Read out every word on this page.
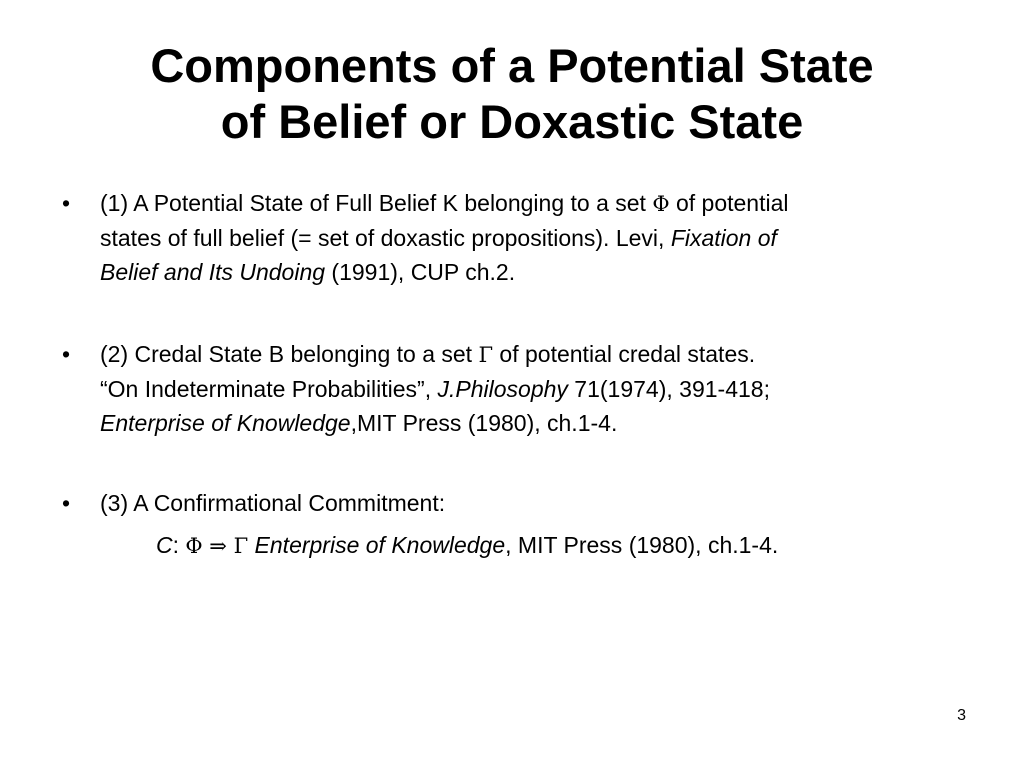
Components of a Potential State
of Belief or Doxastic State
• (1) A Potential State of Full Belief K belonging to a set Φ of potential
states of full belief (= set of doxastic propositions). Levi, Fixation of
Belief and Its Undoing (1991), CUP ch.2.
• (2) Credal State B belonging to a set Γ of potential credal states.
“On Indeterminate Probabilities”, J.Philosophy 71(1974), 391-418;
Enterprise of Knowledge,MIT Press (1980), ch.1-4.
• (3) A Confirmational Commitment:
C: Φ ⇒ Γ Enterprise of Knowledge, MIT Press (1980), ch.1-4.
3
